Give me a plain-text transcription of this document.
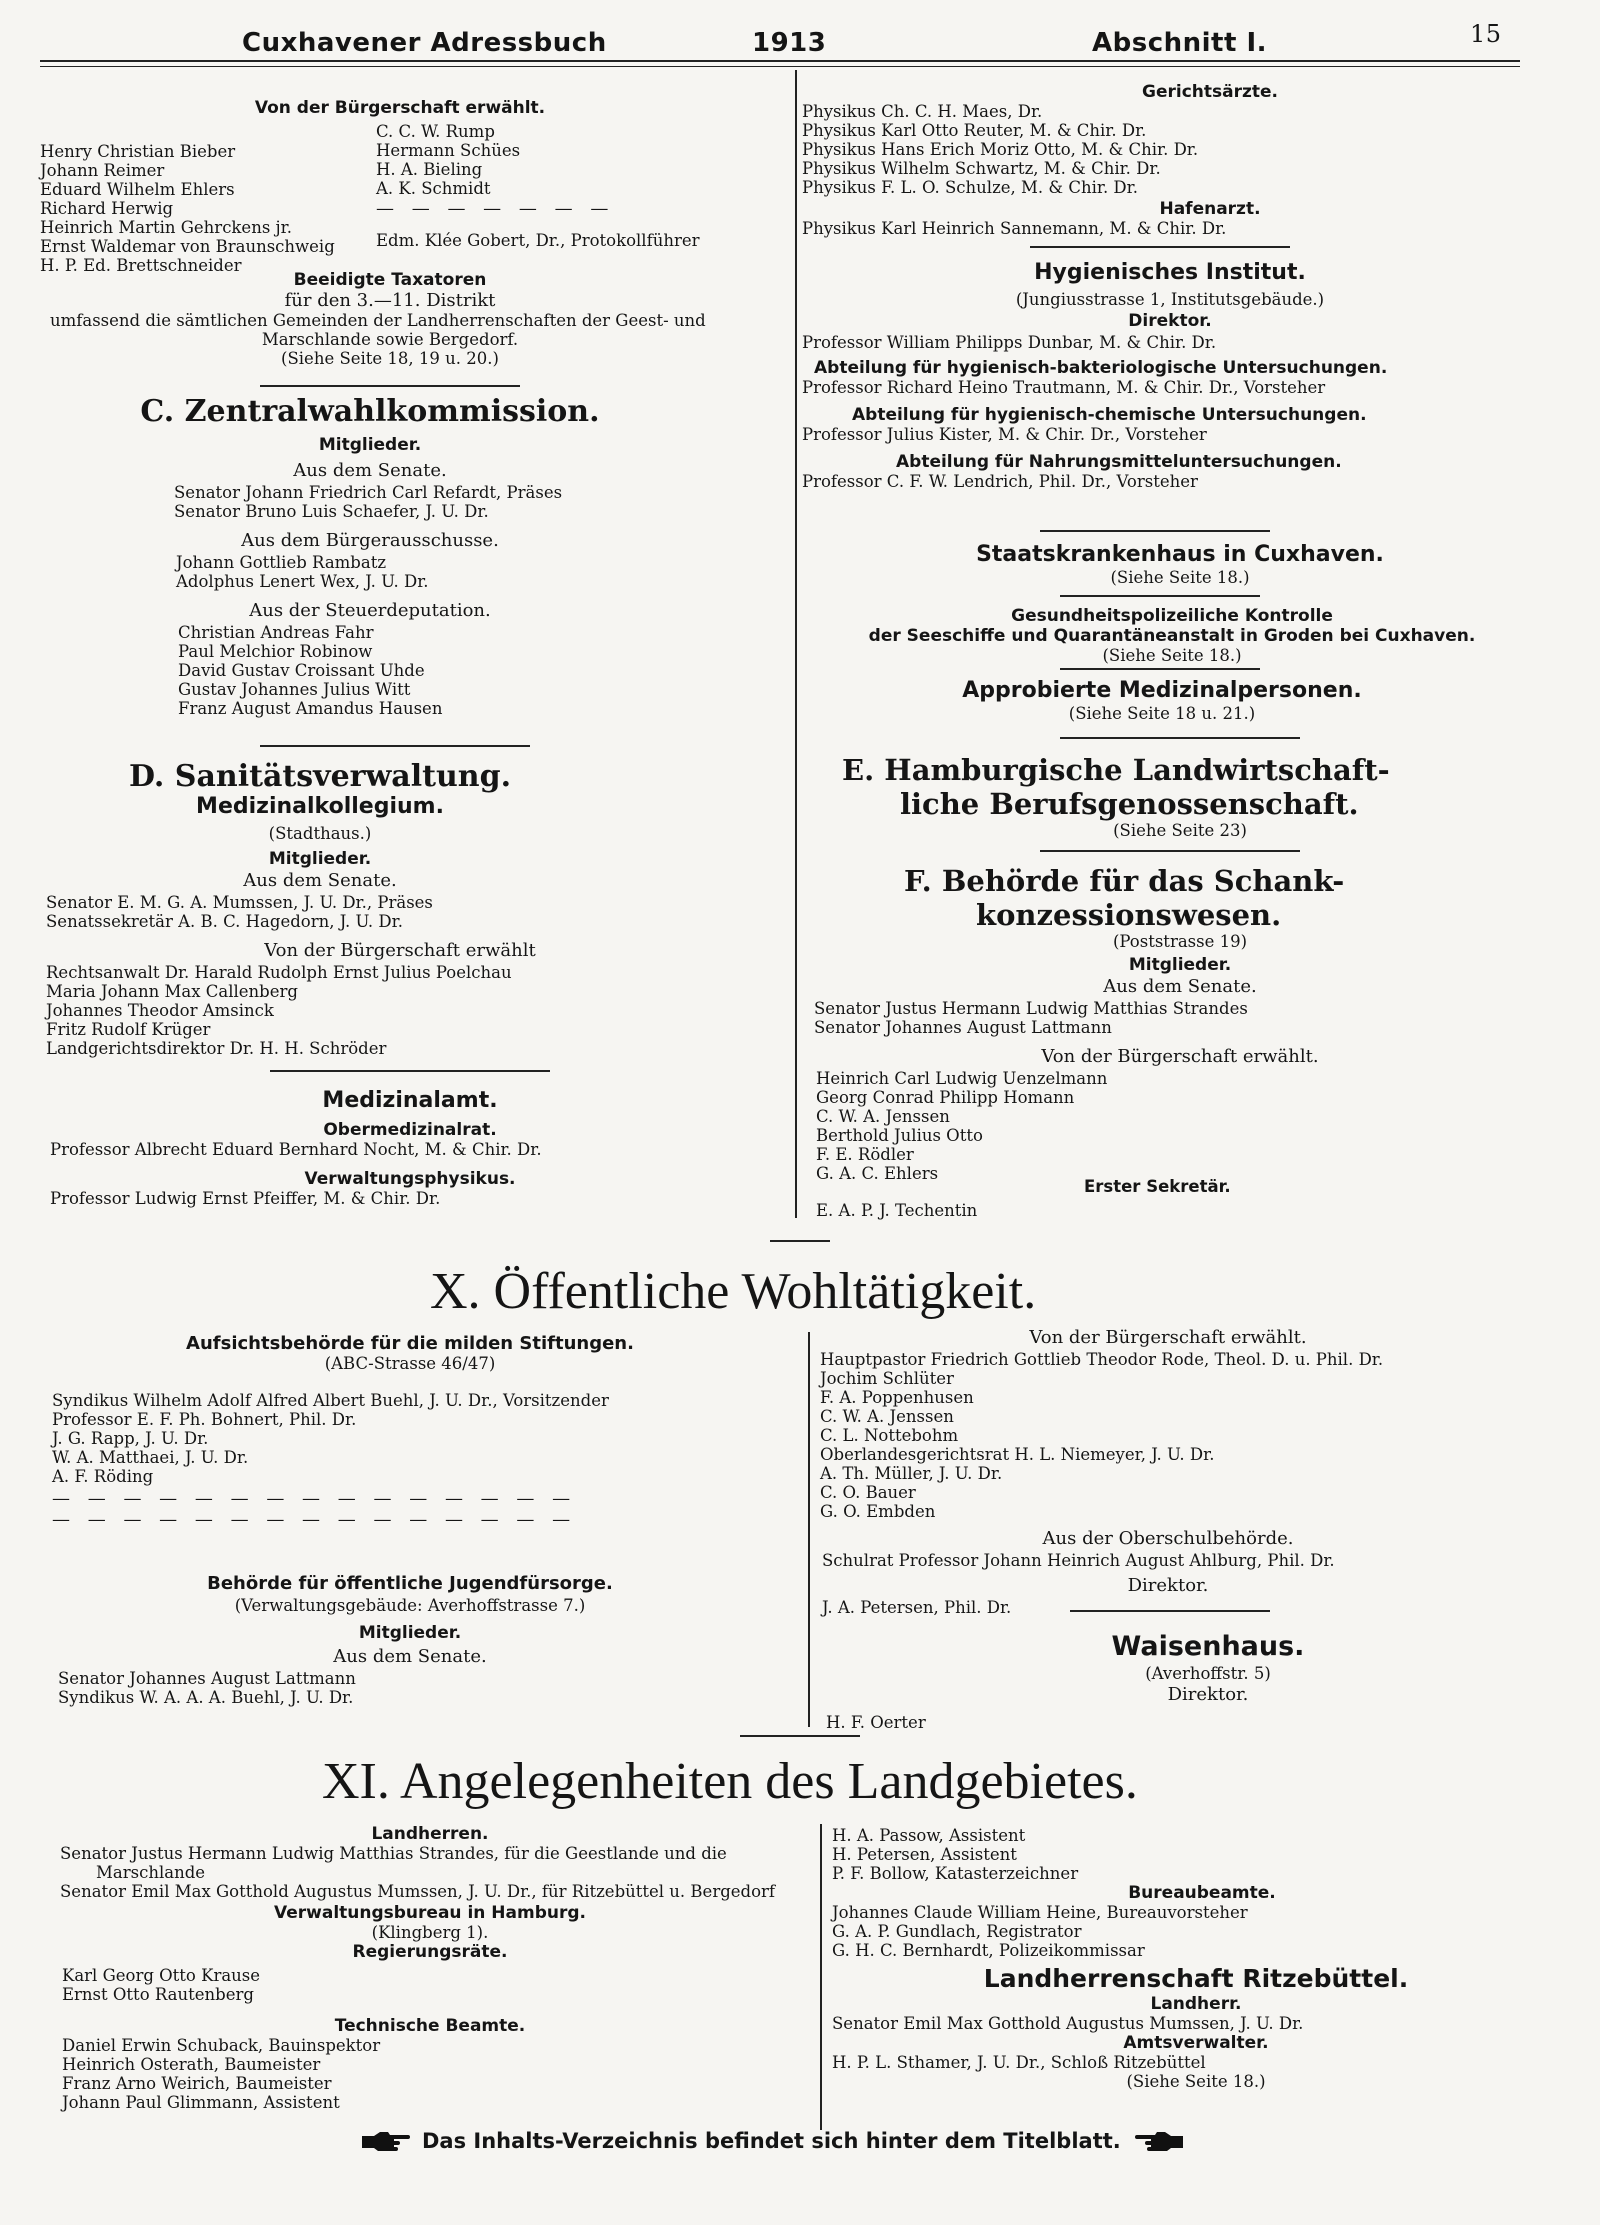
Cuxhavener Adressbuch	1913	Abschnitt I.	15
Von der Bürgerschaft erwählt.
Henry Christian Bieber
Johann Reimer
Eduard Wilhelm Ehlers
Richard Herwig
Heinrich Martin Gehrckens jr.
Ernst Waldemar von Braunschweig
H. P. Ed. Brettschneider
C. C. W. Rump
Hermann Schües
H. A. Bieling
A. K. Schmidt
— — — — — — —
Edm. Klée Gobert, Dr., Protokollführer
Beeidigte Taxatoren
für den 3.—11. Distrikt
umfassend die sämtlichen Gemeinden der Landherrenschaften der Geest- und
Marschlande sowie Bergedorf.
(Siehe Seite 18, 19 u. 20.)
C. Zentralwahlkommission.
Mitglieder.
Aus dem Senate.
Senator Johann Friedrich Carl Refardt, Präses
Senator Bruno Luis Schaefer, J. U. Dr.
Aus dem Bürgerausschusse.
Johann Gottlieb Rambatz
Adolphus Lenert Wex, J. U. Dr.
Aus der Steuerdeputation.
Christian Andreas Fahr
Paul Melchior Robinow
David Gustav Croissant Uhde
Gustav Johannes Julius Witt
Franz August Amandus Hausen
D. Sanitätsverwaltung.
Medizinalkollegium.
(Stadthaus.)
Mitglieder.
Aus dem Senate.
Senator E. M. G. A. Mumssen, J. U. Dr., Präses
Senatssekretär A. B. C. Hagedorn, J. U. Dr.
Von der Bürgerschaft erwählt
Rechtsanwalt Dr. Harald Rudolph Ernst Julius Poelchau
Maria Johann Max Callenberg
Johannes Theodor Amsinck
Fritz Rudolf Krüger
Landgerichtsdirektor Dr. H. H. Schröder
Medizinalamt.
Obermedizinalrat.
Professor Albrecht Eduard Bernhard Nocht, M. & Chir. Dr.
Verwaltungsphysikus.
Professor Ludwig Ernst Pfeiffer, M. & Chir. Dr.
Gerichtsärzte.
Physikus Ch. C. H. Maes, Dr.
Physikus Karl Otto Reuter, M. & Chir. Dr.
Physikus Hans Erich Moriz Otto, M. & Chir. Dr.
Physikus Wilhelm Schwartz, M. & Chir. Dr.
Physikus F. L. O. Schulze, M. & Chir. Dr.
Hafenarzt.
Physikus Karl Heinrich Sannemann, M. & Chir. Dr.
Hygienisches Institut.
(Jungiusstrasse 1, Institutsgebäude.)
Direktor.
Professor William Philipps Dunbar, M. & Chir. Dr.
Abteilung für hygienisch-bakteriologische Untersuchungen.
Professor Richard Heino Trautmann, M. & Chir. Dr., Vorsteher
Abteilung für hygienisch-chemische Untersuchungen.
Professor Julius Kister, M. & Chir. Dr., Vorsteher
Abteilung für Nahrungsmitteluntersuchungen.
Professor C. F. W. Lendrich, Phil. Dr., Vorsteher
Staatskrankenhaus in Cuxhaven.
(Siehe Seite 18.)
Gesundheitspolizeiliche Kontrolle
der Seeschiffe und Quarantäneanstalt in Groden bei Cuxhaven.
(Siehe Seite 18.)
Approbierte Medizinalpersonen.
(Siehe Seite 18 u. 21.)
E. Hamburgische Landwirtschaft-
liche Berufsgenossenschaft.
(Siehe Seite 23)
F. Behörde für das Schank-
konzessionswesen.
(Poststrasse 19)
Mitglieder.
Aus dem Senate.
Senator Justus Hermann Ludwig Matthias Strandes
Senator Johannes August Lattmann
Von der Bürgerschaft erwählt.
Heinrich Carl Ludwig Uenzelmann
Georg Conrad Philipp Homann
C. W. A. Jenssen
Berthold Julius Otto
F. E. Rödler
G. A. C. Ehlers
Erster Sekretär.
E. A. P. J. Techentin
X. Öffentliche Wohltätigkeit.
Aufsichtsbehörde für die milden Stiftungen.
(ABC-Strasse 46/47)
Syndikus Wilhelm Adolf Alfred Albert Buehl, J. U. Dr., Vorsitzender
Professor E. F. Ph. Bohnert, Phil. Dr.
J. G. Rapp, J. U. Dr.
W. A. Matthaei, J. U. Dr.
A. F. Röding
— — — — — — — — — — — — — — —
— — — — — — — — — — — — — — —
Behörde für öffentliche Jugendfürsorge.
(Verwaltungsgebäude: Averhoffstrasse 7.)
Mitglieder.
Aus dem Senate.
Senator Johannes August Lattmann
Syndikus W. A. A. A. Buehl, J. U. Dr.
Von der Bürgerschaft erwählt.
Hauptpastor Friedrich Gottlieb Theodor Rode, Theol. D. u. Phil. Dr.
Jochim Schlüter
F. A. Poppenhusen
C. W. A. Jenssen
C. L. Nottebohm
Oberlandesgerichtsrat H. L. Niemeyer, J. U. Dr.
A. Th. Müller, J. U. Dr.
C. O. Bauer
G. O. Embden
Aus der Oberschulbehörde.
Schulrat Professor Johann Heinrich August Ahlburg, Phil. Dr.
Direktor.
J. A. Petersen, Phil. Dr.
Waisenhaus.
(Averhoffstr. 5)
Direktor.
H. F. Oerter
XI. Angelegenheiten des Landgebietes.
Landherren.
Senator Justus Hermann Ludwig Matthias Strandes, für die Geestlande und die
Marschlande
Senator Emil Max Gotthold Augustus Mumssen, J. U. Dr., für Ritzebüttel u. Bergedorf
Verwaltungsbureau in Hamburg.
(Klingberg 1).
Regierungsräte.
Karl Georg Otto Krause
Ernst Otto Rautenberg
Technische Beamte.
Daniel Erwin Schuback, Bauinspektor
Heinrich Osterath, Baumeister
Franz Arno Weirich, Baumeister
Johann Paul Glimmann, Assistent
H. A. Passow, Assistent
H. Petersen, Assistent
P. F. Bollow, Katasterzeichner
Bureaubeamte.
Johannes Claude William Heine, Bureauvorsteher
G. A. P. Gundlach, Registrator
G. H. C. Bernhardt, Polizeikommissar
Landherrenschaft Ritzebüttel.
Landherr.
Senator Emil Max Gotthold Augustus Mumssen, J. U. Dr.
Amtsverwalter.
H. P. L. Sthamer, J. U. Dr., Schloß Ritzebüttel
(Siehe Seite 18.)
Das Inhalts-Verzeichnis befindet sich hinter dem Titelblatt.
